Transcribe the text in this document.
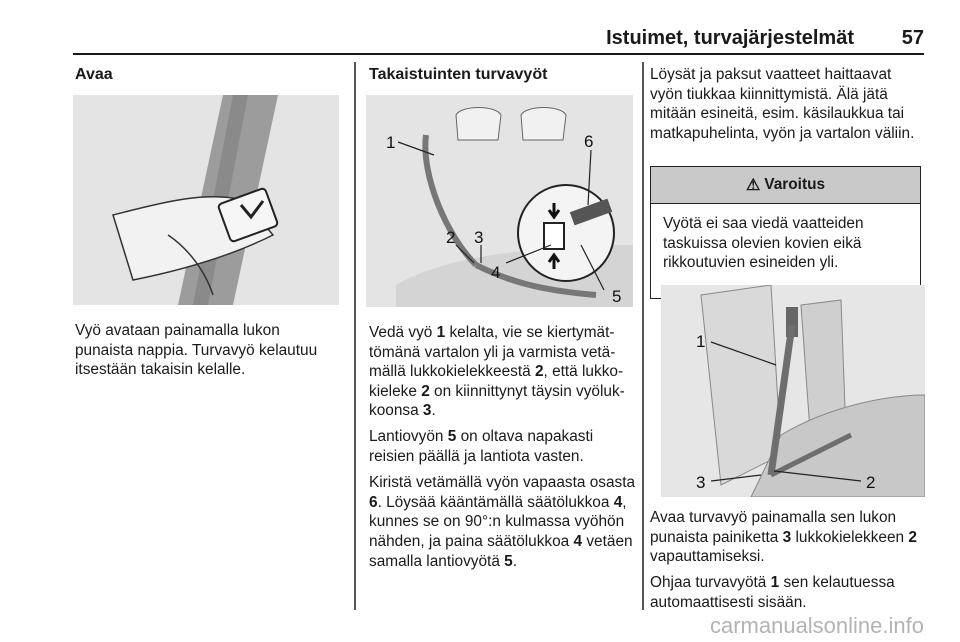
Istuimet, turvajärjestelmät 57
Avaa

Vyö avataan painamalla lukon punaista nappia. Turvavyö kelautuu itsestään takaisin kelalle.

Takaistuinten turvavyöt
1
2 3
4
5
6

Vedä vyö 1 kelalta, vie se kiertymättömänä vartalon yli ja varmista vetämällä lukkokielekkeestä 2, että lukkokieleke 2 on kiinnittynyt täysin vyölukkoonsa 3.

Lantiovyön 5 on oltava napakasti reisien päällä ja lantiota vasten.

Kiristä vetämällä vyön vapaasta osasta 6. Löysää kääntämällä säätölukkoa 4, kunnes se on 90°:n kulmassa vyöhön nähden, ja paina säätölukkoa 4 vetäen samalla lantiovyötä 5.

Löysät ja paksut vaatteet haittaavat vyön tiukkaa kiinnittymistä. Älä jätä mitään esineitä, esim. käsilaukkua tai matkapuhelinta, vyön ja vartalon väliin.

⚠ Varoitus
Vyötä ei saa viedä vaatteiden taskuissa olevien kovien eikä rikkoutuvien esineiden yli.
1
2
3

Avaa turvavyö painamalla sen lukon punaista painiketta 3 lukkokielekkeen 2 vapauttamiseksi.

Ohjaa turvavyötä 1 sen kelautuessa automaattisesti sisään.

carmanualsonline.info
